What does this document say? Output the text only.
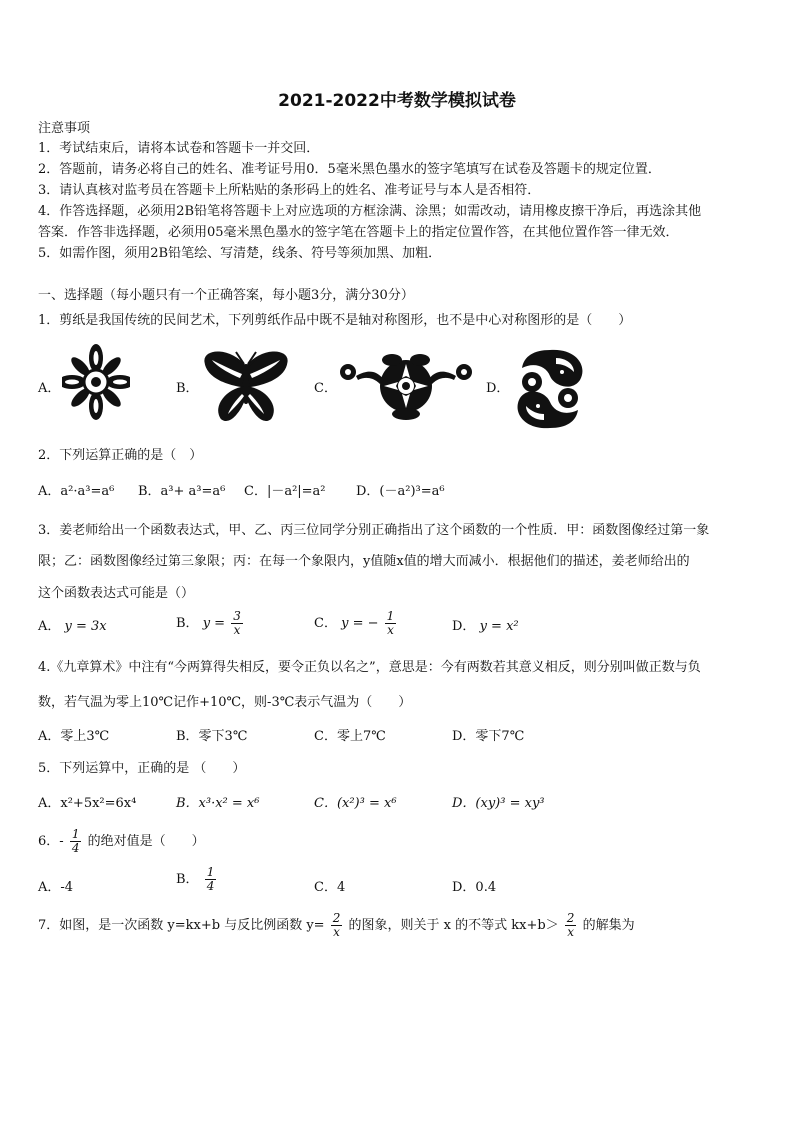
2021-2022中考数学模拟试卷
注意事项
1．考试结束后，请将本试卷和答题卡一并交回．
2．答题前，请务必将自己的姓名、准考证号用0．5毫米黑色墨水的签字笔填写在试卷及答题卡的规定位置．
3．请认真核对监考员在答题卡上所粘贴的条形码上的姓名、准考证号与本人是否相符．
4．作答选择题，必须用2B铅笔将答题卡上对应选项的方框涂满、涂黑；如需改动，请用橡皮擦干净后，再选涂其他
答案．作答非选择题，必须用05毫米黑色墨水的签字笔在答题卡上的指定位置作答，在其他位置作答一律无效．
5．如需作图，须用2B铅笔绘、写清楚，线条、符号等须加黑、加粗．
一、选择题（每小题只有一个正确答案，每小题3分，满分30分）
1．剪纸是我国传统的民间艺术，下列剪纸作品中既不是轴对称图形，也不是中心对称图形的是（　　）
A．	B．	C．	D．
2．下列运算正确的是（　）
A．a²·a³=a⁶ B．a³+ a³=a⁶ C．|－a²|=a² D．(－a²)³=a⁶
3．姜老师给出一个函数表达式，甲、乙、丙三位同学分别正确指出了这个函数的一个性质．甲：函数图像经过第一象
限；乙：函数图像经过第三象限；丙：在每一个象限内，y值随x值的增大而减小．根据他们的描述，姜老师给出的
这个函数表达式可能是（）
A． y = 3x	B． $y = \frac{3}{x}$	C． y = − $\frac{1}{x}$	D． y = x²
4.《九章算术》中注有“今两算得失相反，要令正负以名之”，意思是：今有两数若其意义相反，则分别叫做正数与负
数，若气温为零上10℃记作+10℃，则-3℃表示气温为（　　）
A．零上3℃	B．零下3℃	C．零上7℃	D．零下7℃
5．下列运算中，正确的是 （　　）
A．x²+5x²=6x⁴	B．x³·x² = x⁶	C．(x²)³ = x⁶	D．(xy)³ = xy³
6．- $\frac{1}{4}$ 的绝对值是（　　）
A．-4
B． $\frac{1}{4}$	C．4	D．0.4
7．如图，是一次函数 y=kx+b 与反比例函数 $y= \frac{2}{x}$ 的图象，则关于 x 的不等式 $kx+b> \frac{2}{x}$ 的解集为
